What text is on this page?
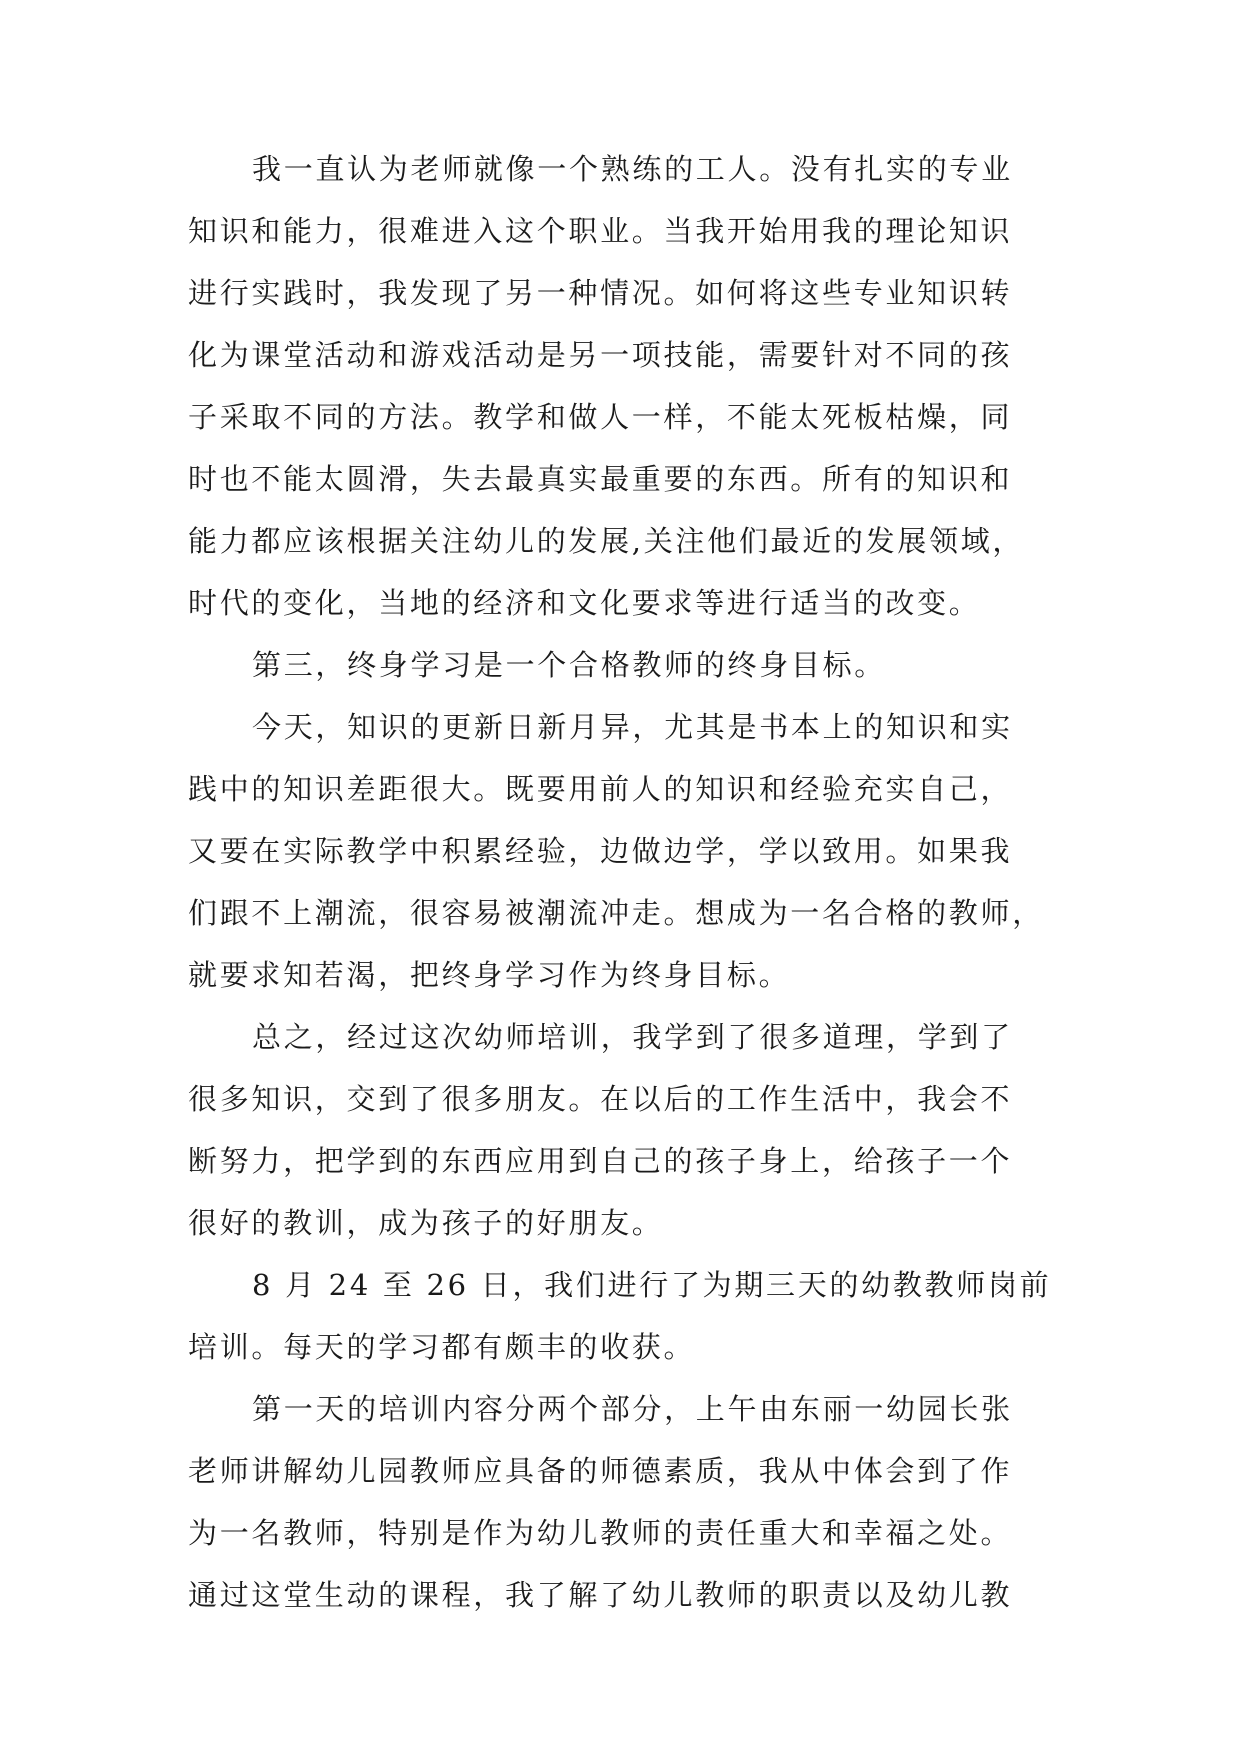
我一直认为老师就像一个熟练的工人。没有扎实的专业
知识和能力，很难进入这个职业。当我开始用我的理论知识
进行实践时，我发现了另一种情况。如何将这些专业知识转
化为课堂活动和游戏活动是另一项技能，需要针对不同的孩
子采取不同的方法。教学和做人一样，不能太死板枯燥，同
时也不能太圆滑，失去最真实最重要的东西。所有的知识和
能力都应该根据关注幼儿的发展,关注他们最近的发展领域，
时代的变化，当地的经济和文化要求等进行适当的改变。
第三，终身学习是一个合格教师的终身目标。
今天，知识的更新日新月异，尤其是书本上的知识和实
践中的知识差距很大。既要用前人的知识和经验充实自己，
又要在实际教学中积累经验，边做边学，学以致用。如果我
们跟不上潮流，很容易被潮流冲走。想成为一名合格的教师，
就要求知若渴，把终身学习作为终身目标。
总之，经过这次幼师培训，我学到了很多道理，学到了
很多知识，交到了很多朋友。在以后的工作生活中，我会不
断努力，把学到的东西应用到自己的孩子身上，给孩子一个
很好的教训，成为孩子的好朋友。
8 月 24 至 26 日，我们进行了为期三天的幼教教师岗前
培训。每天的学习都有颇丰的收获。
第一天的培训内容分两个部分，上午由东丽一幼园长张
老师讲解幼儿园教师应具备的师德素质，我从中体会到了作
为一名教师，特别是作为幼儿教师的责任重大和幸福之处。
通过这堂生动的课程，我了解了幼儿教师的职责以及幼儿教
